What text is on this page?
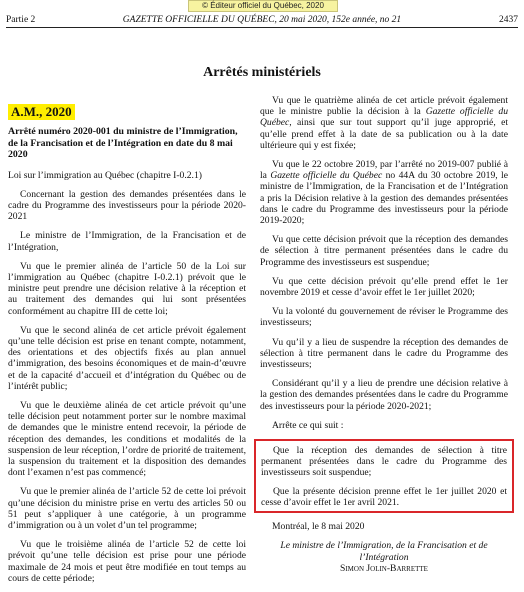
© Éditeur officiel du Québec, 2020
Partie 2	GAZETTE OFFICIELLE DU QUÉBEC, 20 mai 2020, 152e année, no 21	2437
Arrêtés ministériels
A.M., 2020
Arrêté numéro 2020-001 du ministre de l’Immigration, de la Francisation et de l’Intégration en date du 8 mai 2020

Loi sur l’immigration au Québec (chapitre I-0.2.1)

Concernant la gestion des demandes présentées dans le cadre du Programme des investisseurs pour la période 2020-2021

Le ministre de l’Immigration, de la Francisation et de l’Intégration,

Vu que le premier alinéa de l’article 50 de la Loi sur l’immigration au Québec (chapitre I-0.2.1) prévoit que le ministre peut prendre une décision relative à la réception et au traitement des demandes qui lui sont présentées conformément au chapitre III de cette loi;

Vu que le second alinéa de cet article prévoit également qu’une telle décision est prise en tenant compte, notamment, des orientations et des objectifs fixés au plan annuel d’immigration, des besoins économiques et de main-d’œuvre et de la capacité d’accueil et d’intégration du Québec ou de l’intérêt public;

Vu que le deuxième alinéa de cet article prévoit qu’une telle décision peut notamment porter sur le nombre maximal de demandes que le ministre entend recevoir, la période de réception des demandes, les conditions et modalités de la suspension de leur réception, l’ordre de priorité de traitement, la suspension du traitement et la disposition des demandes dont l’examen n’est pas commencé;

Vu que le premier alinéa de l’article 52 de cette loi prévoit qu’une décision du ministre prise en vertu des articles 50 ou 51 peut s’appliquer à une catégorie, à un programme d’immigration ou à un volet d’un tel programme;

Vu que le troisième alinéa de l’article 52 de cette loi prévoit qu’une telle décision est prise pour une période maximale de 24 mois et peut être modifiée en tout temps au cours de cette période;

Vu que le quatrième alinéa de cet article prévoit également que le ministre publie la décision à la Gazette officielle du Québec, ainsi que sur tout support qu’il juge approprié, et qu’elle prend effet à la date de sa publication ou à la date ultérieure qui y est fixée;

Vu que le 22 octobre 2019, par l’arrêté no 2019-007 publié à la Gazette officielle du Québec no 44A du 30 octobre 2019, le ministre de l’Immigration, de la Francisation et de l’Intégration a pris la Décision relative à la gestion des demandes présentées dans le cadre du Programme des investisseurs pour la période 2019-2020;

Vu que cette décision prévoit que la réception des demandes de sélection à titre permanent présentées dans le cadre du Programme des investisseurs est suspendue;

Vu que cette décision prévoit qu’elle prend effet le 1er novembre 2019 et cesse d’avoir effet le 1er juillet 2020;

Vu la volonté du gouvernement de réviser le Programme des investisseurs;

Vu qu’il y a lieu de suspendre la réception des demandes de sélection à titre permanent dans le cadre du Programme des investisseurs;

Considérant qu’il y a lieu de prendre une décision relative à la gestion des demandes présentées dans le cadre du Programme des investisseurs pour la période 2020-2021;

Arrête ce qui suit :

Que la réception des demandes de sélection à titre permanent présentées dans le cadre du Programme des investisseurs soit suspendue;

Que la présente décision prenne effet le 1er juillet 2020 et cesse d’avoir effet le 1er avril 2021.

Montréal, le 8 mai 2020

Le ministre de l’Immigration, de la Francisation et de l’Intégration

Simon Jolin-Barrette
